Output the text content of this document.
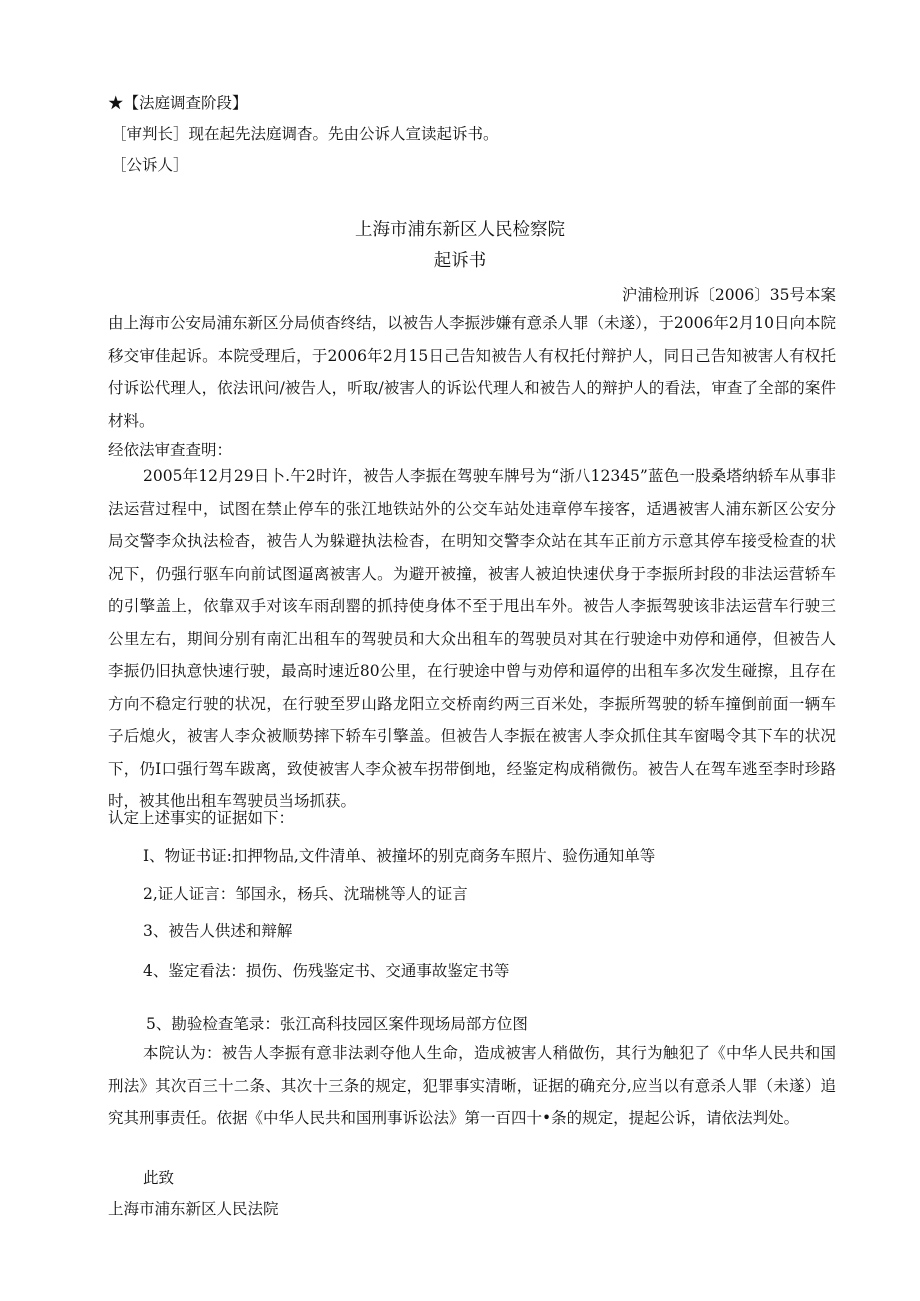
★【法庭调查阶段】
［审判长］现在起先法庭调杳。先由公诉人宣读起诉书。
［公诉人］
上海市浦东新区人民检察院
起诉书
沪浦检刑诉〔2006〕35号本案
由上海市公安局浦东新区分局侦杳终结，以被告人李振涉嫌有意杀人罪（未遂），于2006年2月10日向本院移交审佳起诉。本院受理后，于2006年2月15日己告知被告人有权托付辩护人，同日己告知被害人有权托付诉讼代理人，依法讯问/被告人，听取/被害人的诉讼代理人和被告人的辩护人的看法，审查了全部的案件材料。
经依法审查查明：
2005年12月29日卜.午2时许，被告人李振在驾驶车牌号为“浙八12345”蓝色一股桑塔纳轿车从事非法运营过程中，试图在禁止停车的张江地铁站外的公交车站处违章停车接客，适遇被害人浦东新区公安分局交警李众执法检杳，被告人为躲避执法检杳，在明知交警李众站在其车正前方示意其停车接受检查的状况下，仍强行驱车向前试图逼离被害人。为避开被撞，被害人被迫快速伏身于李振所封段的非法运营轿车的引擎盖上，依靠双手对该车雨刮罂的抓持使身体不至于甩出车外。被告人李振驾驶该非法运营车行驶三公里左右，期间分别有南汇出租车的驾驶员和大众出租车的驾驶员对其在行驶途中劝停和通停，但被告人李振仍旧执意快速行驶，最高时速近80公里，在行驶途中曾与劝停和逼停的出租车多次发生碰擦，且存在方向不稳定行驶的状况，在行驶至罗山路龙阳立交桥南约两三百米处，李振所驾驶的轿车撞倒前面一辆车子后熄火，被害人李众被顺势摔下轿车引擎盖。但被告人李振在被害人李众抓住其车窗喝令其下车的状况下，仍I口强行驾车跋离，致使被害人李众被车拐带倒地，经鉴定构成稍微伤。被告人在驾车逃至李时珍路时，被其他出租车驾驶员当场抓获。
认定上述事实的证据如下：
I、物证书证:扣押物品,文件清单、被撞坏的别克商务车照片、验伤通知单等
2,证人证言：邹国永，杨兵、沈瑞桃等人的证言
3、被告人供述和辩解
4、鉴定看法：损伤、伤残鉴定书、交通事故鉴定书等
5、勘验检查笔录：张江高科技园区案件现场局部方位图
本院认为：被告人李振有意非法剥夺他人生命，造成被害人稍做伤，其行为触犯了《中华人民共和国刑法》其次百三十二条、其次十三条的规定，犯罪事实清晰，证据的确充分,应当以有意杀人罪（未遂）追究其刑事责任。依据《中华人民共和国刑事诉讼法》第一百四十•条的规定，提起公诉，请依法判处。
此致
上海市浦东新区人民法院
